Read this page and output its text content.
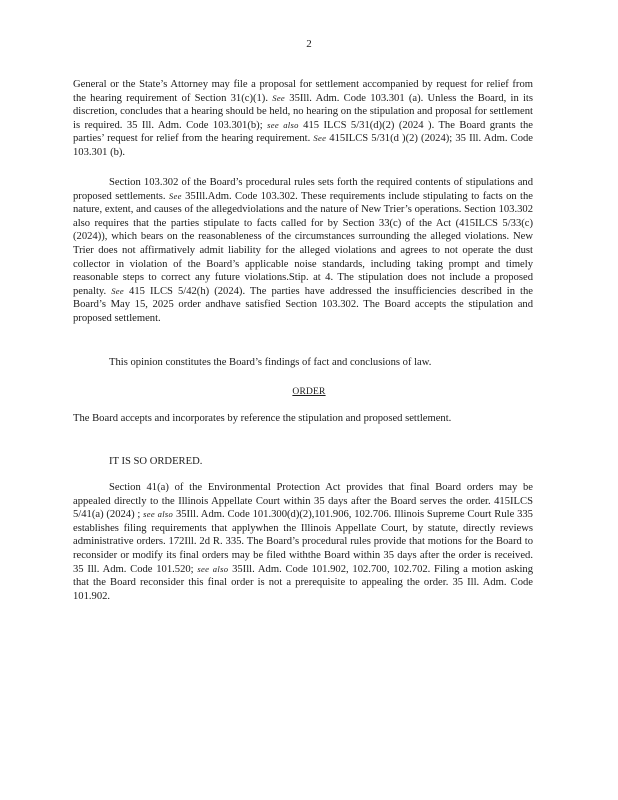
2

General or the State’s Attorney may file a proposal for settlement accompanied by request for relief from the hearing requirement of Section 31(c)(1). See 35Ill. Adm. Code 103.301 (a). Unless the Board, in its discretion, concludes that a hearing should be held, no hearing on the stipulation and proposal for settlement is required. 35 Ill. Adm. Code 103.301(b); see also 415 ILCS 5/31(d)(2) (2024 ). The Board grants the parties’ request for relief from the hearing requirement. See 415ILCS 5/31(d )(2) (2024); 35 Ill. Adm. Code 103.301 (b).

Section 103.302 of the Board’s procedural rules sets forth the required contents of stipulations and proposed settlements. See 35Ill.Adm. Code 103.302. These requirements include stipulating to facts on the nature, extent, and causes of the allegedviolations and the nature of New Trier’s operations. Section 103.302 also requires that the parties stipulate to facts called for by Section 33(c) of the Act (415ILCS 5/33(c) (2024)), which bears on the reasonableness of the circumstances surrounding the alleged violations. New Trier does not affirmatively admit liability for the alleged violations and agrees to not operate the dust collector in violation of the Board’s applicable noise standards, including taking prompt and timely reasonable steps to correct any future violations.Stip. at 4. The stipulation does not include a proposed penalty. See 415 ILCS 5/42(h) (2024). The parties have addressed the insufficiencies described in the Board’s May 15, 2025 order andhave satisfied Section 103.302. The Board accepts the stipulation and proposed settlement.

This opinion constitutes the Board’s findings of fact and conclusions of law.

ORDER

The Board accepts and incorporates by reference the stipulation and proposed settlement.

IT IS SO ORDERED.

Section 41(a) of the Environmental Protection Act provides that final Board orders may be appealed directly to the Illinois Appellate Court within 35 days after the Board serves the order. 415ILCS 5/41(a) (2024) ; see also 35Ill. Adm. Code 101.300(d)(2),101.906, 102.706. Illinois Supreme Court Rule 335 establishes filing requirements that applywhen the Illinois Appellate Court, by statute, directly reviews administrative orders. 172Ill. 2d R. 335. The Board’s procedural rules provide that motions for the Board to reconsider or modify its final orders may be filed withthe Board within 35 days after the order is received. 35 Ill. Adm. Code 101.520; see also 35Ill. Adm. Code 101.902, 102.700, 102.702. Filing a motion asking that the Board reconsider this final order is not a prerequisite to appealing the order. 35 Ill. Adm. Code 101.902.
